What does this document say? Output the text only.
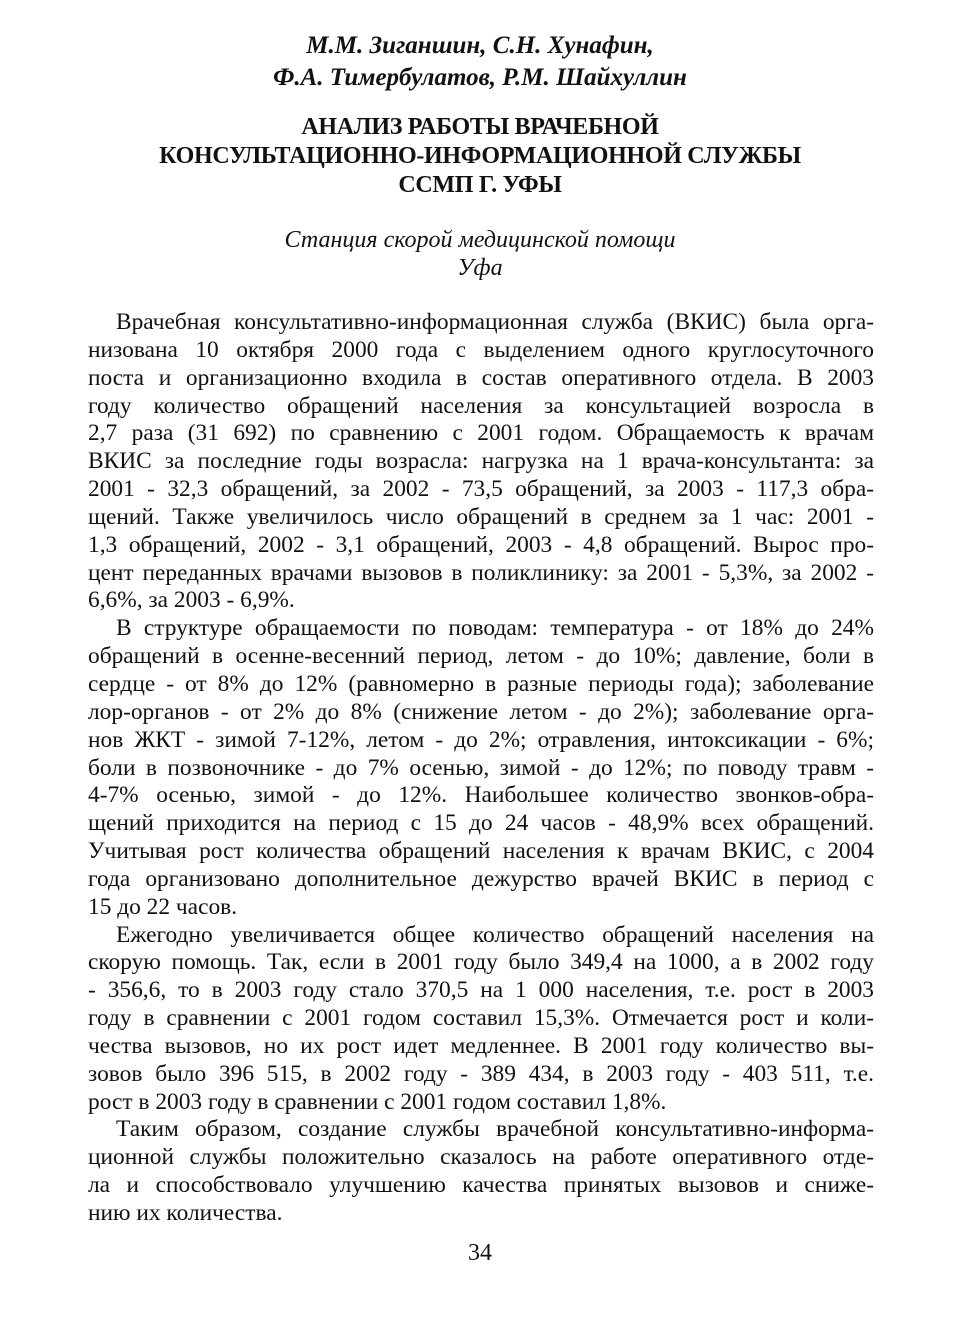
М.М. Зиганшин, С.Н. Хунафин,
Ф.А. Тимербулатов, Р.М. Шайхуллин
АНАЛИЗ РАБОТЫ ВРАЧЕБНОЙ
КОНСУЛЬТАЦИОННО-ИНФОРМАЦИОННОЙ СЛУЖБЫ
ССМП Г. УФЫ
Станция скорой медицинской помощи
Уфа
Врачебная консультативно-информационная служба (ВКИС) была орга-
низована 10 октября 2000 года с выделением одного круглосуточного
поста и организационно входила в состав оперативного отдела. В 2003
году количество обращений населения за консультацией возросла в
2,7 раза (31 692) по сравнению с 2001 годом. Обращаемость к врачам
ВКИС за последние годы возрасла: нагрузка на 1 врача-консультанта: за
2001 - 32,3 обращений, за 2002 - 73,5 обращений, за 2003 - 117,3 обра-
щений. Также увеличилось число обращений в среднем за 1 час: 2001 -
1,3 обращений, 2002 - 3,1 обращений, 2003 - 4,8 обращений. Вырос про-
цент переданных врачами вызовов в поликлинику: за 2001 - 5,3%, за 2002 -
6,6%, за 2003 - 6,9%.
В структуре обращаемости по поводам: температура - от 18% до 24%
обращений в осенне-весенний период, летом - до 10%; давление, боли в
сердце - от 8% до 12% (равномерно в разные периоды года); заболевание
лор-органов - от 2% до 8% (снижение летом - до 2%); заболевание орга-
нов ЖКТ - зимой 7-12%, летом - до 2%; отравления, интоксикации - 6%;
боли в позвоночнике - до 7% осенью, зимой - до 12%; по поводу травм -
4-7% осенью, зимой - до 12%. Наибольшее количество звонков-обра-
щений приходится на период с 15 до 24 часов - 48,9% всех обращений.
Учитывая рост количества обращений населения к врачам ВКИС, с 2004
года организовано дополнительное дежурство врачей ВКИС в период с
15 до 22 часов.
Ежегодно увеличивается общее количество обращений населения на
скорую помощь. Так, если в 2001 году было 349,4 на 1000, а в 2002 году
- 356,6, то в 2003 году стало 370,5 на 1 000 населения, т.е. рост в 2003
году в сравнении с 2001 годом составил 15,3%. Отмечается рост и коли-
чества вызовов, но их рост идет медленнее. В 2001 году количество вы-
зовов было 396 515, в 2002 году - 389 434, в 2003 году - 403 511, т.е.
рост в 2003 году в сравнении с 2001 годом составил 1,8%.
Таким образом, создание службы врачебной консультативно-информа-
ционной службы положительно сказалось на работе оперативного отде-
ла и способствовало улучшению качества принятых вызовов и сниже-
нию их количества.
34
